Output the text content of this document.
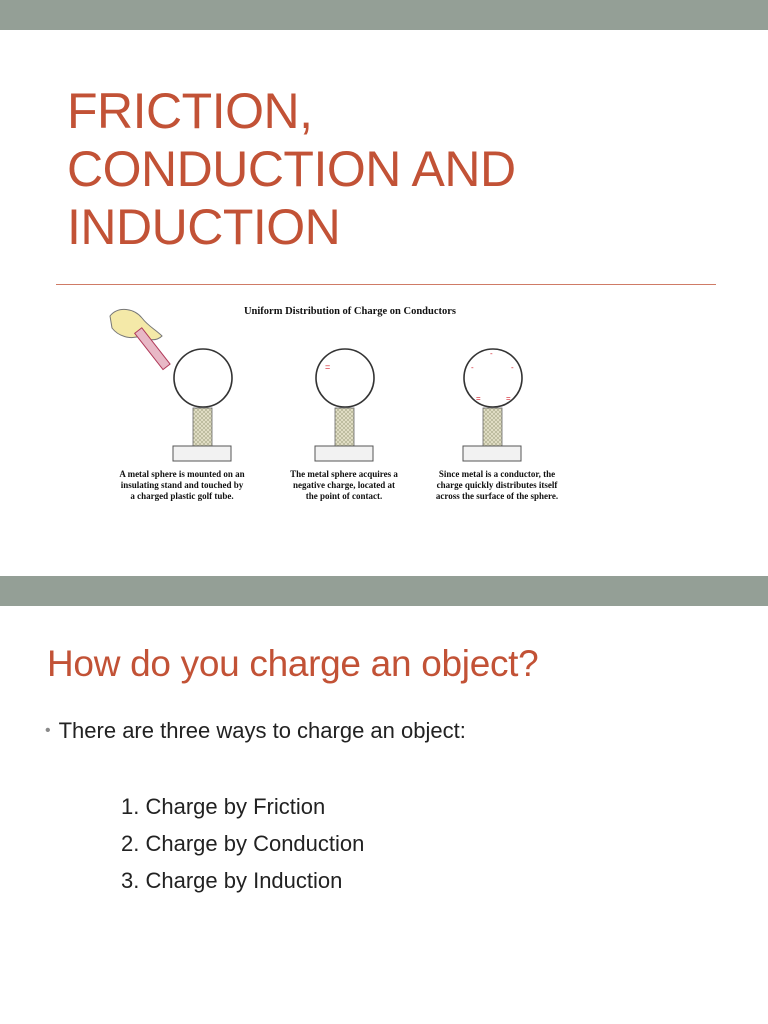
FRICTION,
CONDUCTION AND
INDUCTION
Uniform Distribution of Charge on Conductors
A metal sphere is mounted on an
insulating stand and touched by
a charged plastic golf tube.
=
The metal sphere acquires a
negative charge, located at
the point of contact.
-
-	-
=	=
Since metal is a conductor, the
charge quickly distributes itself
across the surface of the sphere.
How do you charge an object?
• There are three ways to charge an object:
1. Charge by Friction
2. Charge by Conduction
3. Charge by Induction
